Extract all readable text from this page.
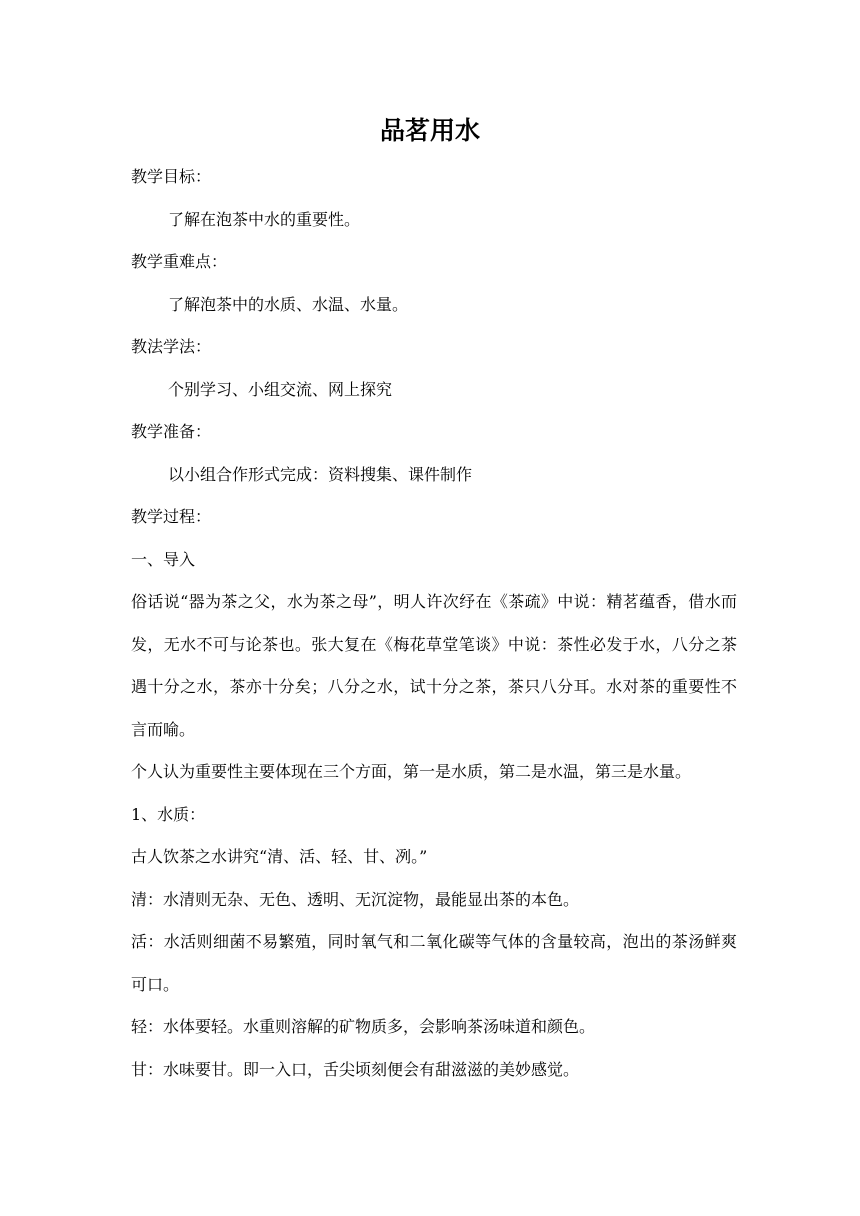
品茗用水

教学目标：

了解在泡茶中水的重要性。

教学重难点：

了解泡茶中的水质、水温、水量。

教法学法：

个别学习、小组交流、网上探究

教学准备：

以小组合作形式完成：资料搜集、课件制作

教学过程：

一、导入

俗话说“器为茶之父，水为茶之母”，明人许次纾在《茶疏》中说：精茗蕴香，借水而发，无水不可与论茶也。张大复在《梅花草堂笔谈》中说：茶性必发于水，八分之茶遇十分之水，茶亦十分矣；八分之水，试十分之茶，茶只八分耳。水对茶的重要性不言而喻。

个人认为重要性主要体现在三个方面，第一是水质，第二是水温，第三是水量。

1、水质：

古人饮茶之水讲究“清、活、轻、甘、冽。”

清：水清则无杂、无色、透明、无沉淀物，最能显出茶的本色。

活：水活则细菌不易繁殖，同时氧气和二氧化碳等气体的含量较高，泡出的茶汤鲜爽可口。

轻：水体要轻。水重则溶解的矿物质多，会影响茶汤味道和颜色。

甘：水味要甘。即一入口，舌尖顷刻便会有甜滋滋的美妙感觉。
